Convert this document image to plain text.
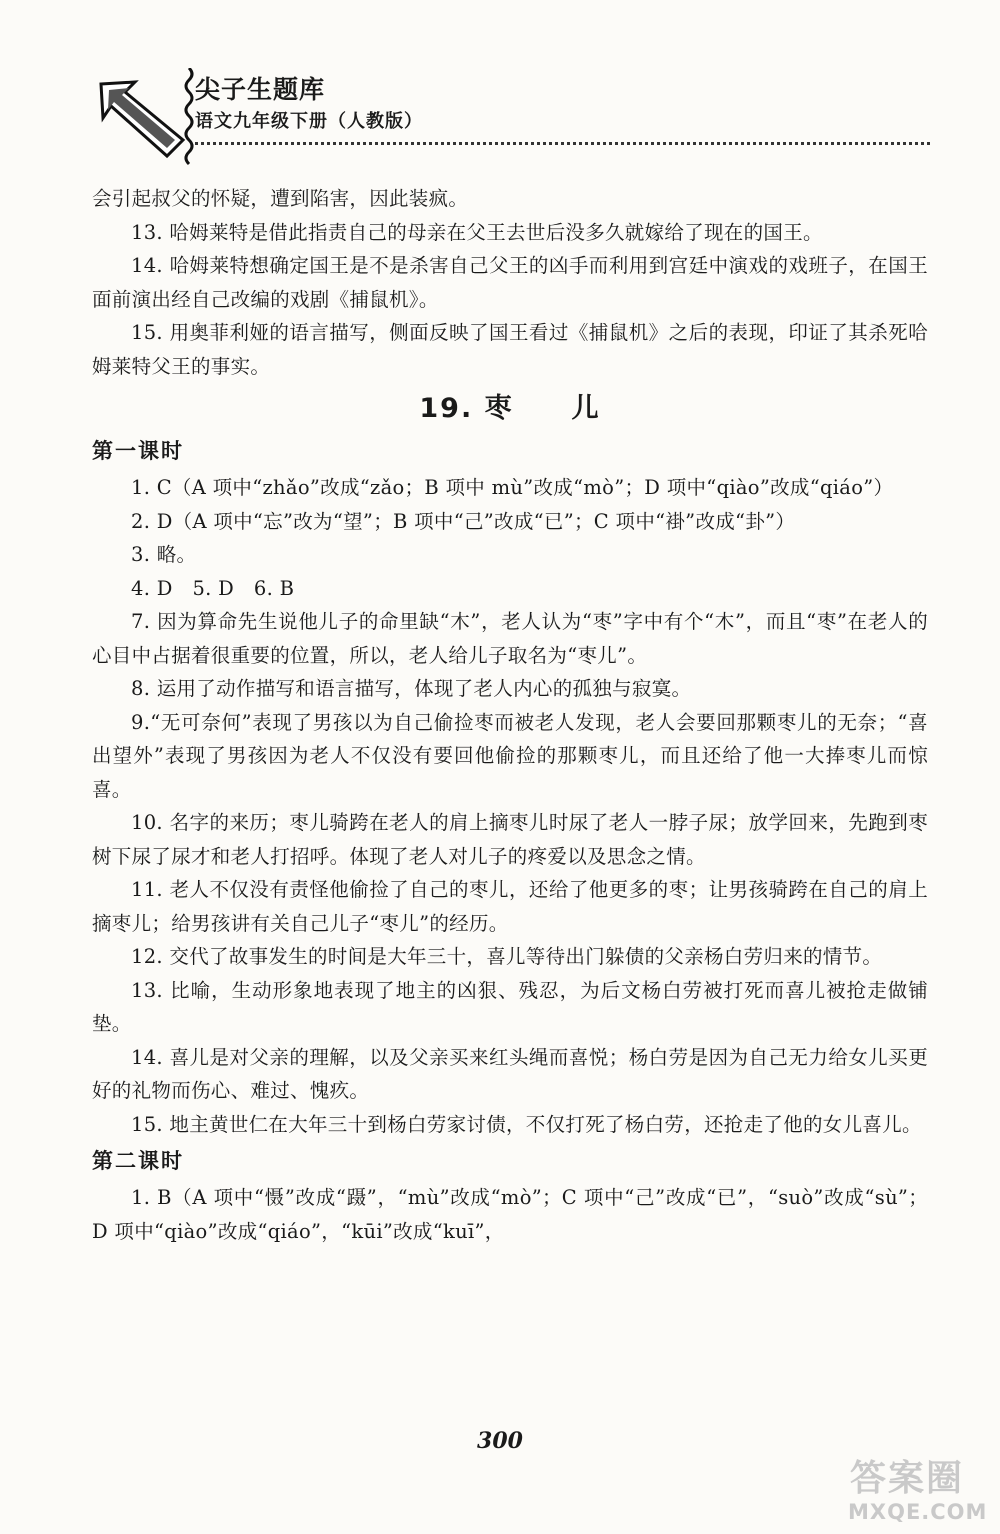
尖子生题库
语文九年级下册（人教版）

会引起叔父的怀疑，遭到陷害，因此装疯。

13. 哈姆莱特是借此指责自己的母亲在父王去世后没多久就嫁给了现在的国王。

14. 哈姆莱特想确定国王是不是杀害自己父王的凶手而利用到宫廷中演戏的戏班子，在国王面前演出经自己改编的戏剧《捕鼠机》。

15. 用奥菲利娅的语言描写，侧面反映了国王看过《捕鼠机》之后的表现，印证了其杀死哈姆莱特父王的事实。

19. 枣　　儿
第一课时

1. C（A 项中“zhǎo”改成“zǎo；B 项中 mù”改成“mò”；D 项中“qiào”改成“qiáo”）

2. D（A 项中“忘”改为“望”；B 项中“己”改成“已”；C 项中“褂”改成“卦”）

3. 略。

4. D　5. D　6. B

7. 因为算命先生说他儿子的命里缺“木”，老人认为“枣”字中有个“木”，而且“枣”在老人的心目中占据着很重要的位置，所以，老人给儿子取名为“枣儿”。

8. 运用了动作描写和语言描写，体现了老人内心的孤独与寂寞。

9.“无可奈何”表现了男孩以为自己偷捡枣而被老人发现，老人会要回那颗枣儿的无奈；“喜出望外”表现了男孩因为老人不仅没有要回他偷捡的那颗枣儿，而且还给了他一大捧枣儿而惊喜。

10. 名字的来历；枣儿骑跨在老人的肩上摘枣儿时尿了老人一脖子尿；放学回来，先跑到枣树下尿了尿才和老人打招呼。体现了老人对儿子的疼爱以及思念之情。

11. 老人不仅没有责怪他偷捡了自己的枣儿，还给了他更多的枣；让男孩骑跨在自己的肩上摘枣儿；给男孩讲有关自己儿子“枣儿”的经历。

12. 交代了故事发生的时间是大年三十，喜儿等待出门躲债的父亲杨白劳归来的情节。

13. 比喻，生动形象地表现了地主的凶狠、残忍，为后文杨白劳被打死而喜儿被抢走做铺垫。

14. 喜儿是对父亲的理解，以及父亲买来红头绳而喜悦；杨白劳是因为自己无力给女儿买更好的礼物而伤心、难过、愧疚。

15. 地主黄世仁在大年三十到杨白劳家讨债，不仅打死了杨白劳，还抢走了他的女儿喜儿。

第二课时

1. B（A 项中“慑”改成“蹑”，“mù”改成“mò”；C 项中“己”改成“已”，“suò”改成“sù”；D 项中“qiào”改成“qiáo”，“kūi”改成“kuī”，

300
答案圈
MXQE.COM
